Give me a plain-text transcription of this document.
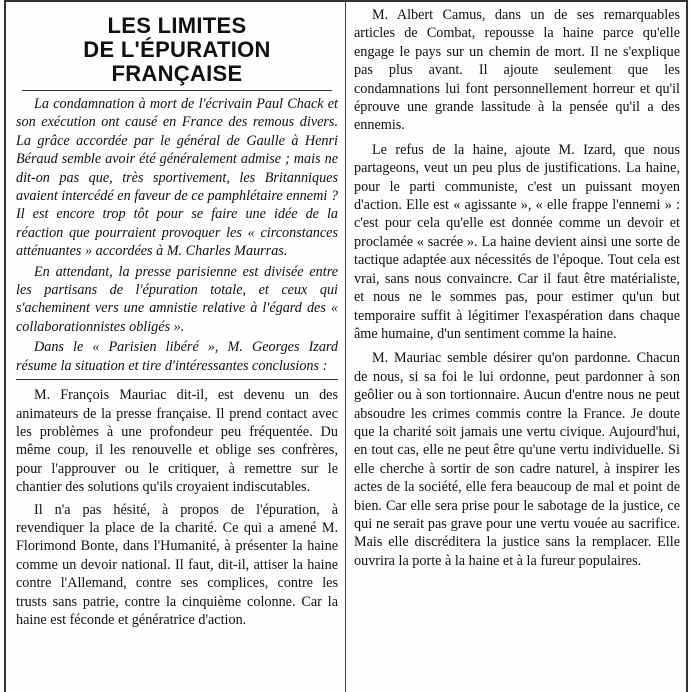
LES LIMITES
DE L'ÉPURATION FRANÇAISE

La condamnation à mort de l'écrivain Paul Chack et son exécution ont causé en France des remous divers. La grâce accordée par le général de Gaulle à Henri Béraud semble avoir été généralement admise ; mais ne dit-on pas que, très sportivement, les Britanniques avaient intercédé en faveur de ce pamphlétaire ennemi ? Il est encore trop tôt pour se faire une idée de la réaction que pourraient provoquer les « circonstances atténuantes » accordées à M. Charles Maurras.

En attendant, la presse parisienne est divisée entre les partisans de l'épuration totale, et ceux qui s'acheminent vers une amnistie relative à l'égard des « collaborationnistes obligés ».

Dans le « Parisien libéré », M. Georges Izard résume la situation et tire d'intéressantes conclusions :

M. François Mauriac dit-il, est devenu un des animateurs de la presse française. Il prend contact avec les problèmes à une profondeur peu fréquentée. Du même coup, il les renouvelle et oblige ses confrères, pour l'approuver ou le critiquer, à remettre sur le chantier des solutions qu'ils croyaient indiscutables.

Il n'a pas hésité, à propos de l'épuration, à revendiquer la place de la charité. Ce qui a amené M. Florimond Bonte, dans l'Humanité, à présenter la haine comme un devoir national. Il faut, dit-il, attiser la haine contre l'Allemand, contre ses complices, contre les trusts sans patrie, contre la cinquième colonne. Car la haine est féconde et génératrice d'action.

M. Albert Camus, dans un de ses remarquables articles de Combat, repousse la haine parce qu'elle engage le pays sur un chemin de mort. Il ne s'explique pas plus avant. Il ajoute seulement que les condamnations lui font personnellement horreur et qu'il éprouve une grande lassitude à la pensée qu'il a des ennemis.

Le refus de la haine, ajoute M. Izard, que nous partageons, veut un peu plus de justifications. La haine, pour le parti communiste, c'est un puissant moyen d'action. Elle est « agissante », « elle frappe l'ennemi » : c'est pour cela qu'elle est donnée comme un devoir et proclamée « sacrée ». La haine devient ainsi une sorte de tactique adaptée aux nécessités de l'époque. Tout cela est vrai, sans nous convaincre. Car il faut être matérialiste, et nous ne le sommes pas, pour estimer qu'un but temporaire suffit à légitimer l'exaspération dans chaque âme humaine, d'un sentiment comme la haine.

M. Mauriac semble désirer qu'on pardonne. Chacun de nous, si sa foi le lui ordonne, peut pardonner à son geôlier ou à son tortionnaire. Aucun d'entre nous ne peut absoudre les crimes commis contre la France. Je doute que la charité soit jamais une vertu civique. Aujourd'hui, en tout cas, elle ne peut être qu'une vertu individuelle. Si elle cherche à sortir de son cadre naturel, à inspirer les actes de la société, elle fera beaucoup de mal et point de bien. Car elle sera prise pour le sabotage de la justice, ce qui ne serait pas grave pour une vertu vouée au sacrifice. Mais elle discréditera la justice sans la remplacer. Elle ouvrira la porte à la haine et à la fureur populaires.
